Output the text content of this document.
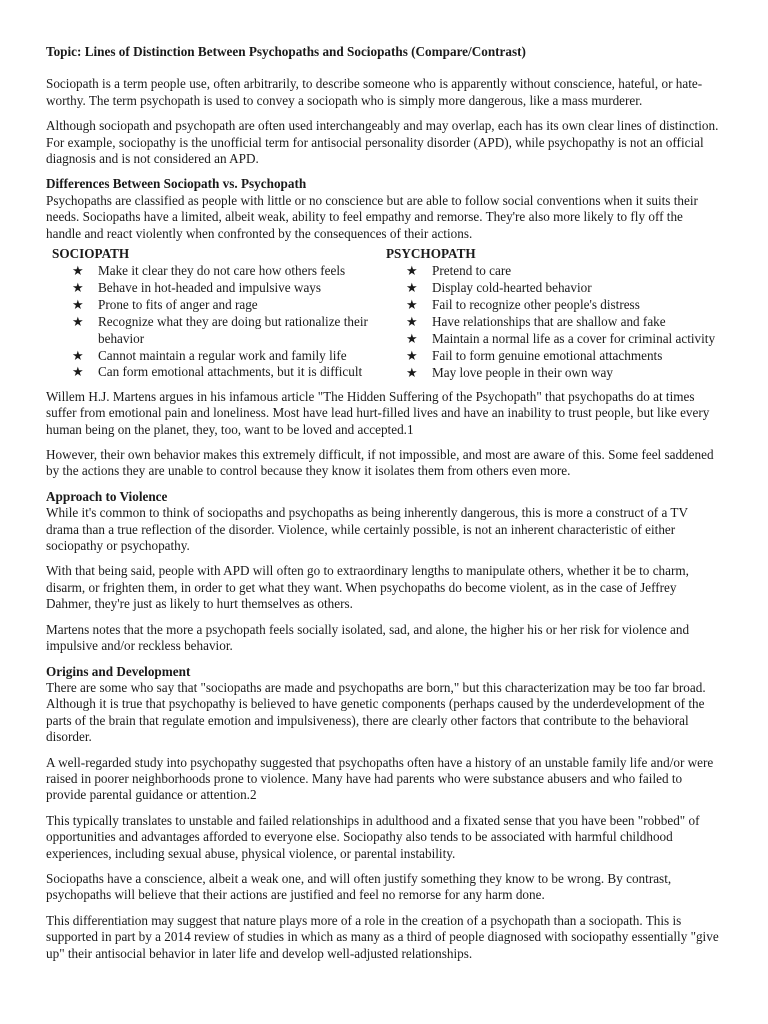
Topic: Lines of Distinction Between Psychopaths and Sociopaths (Compare/Contrast)

Sociopath is a term people use, often arbitrarily, to describe someone who is apparently without conscience, hateful, or hate-worthy. The term psychopath is used to convey a sociopath who is simply more dangerous, like a mass murderer.

Although sociopath and psychopath are often used interchangeably and may overlap, each has its own clear lines of distinction. For example, sociopathy is the unofficial term for antisocial personality disorder (APD), while psychopathy is not an official diagnosis and is not considered an APD.

Differences Between Sociopath vs. Psychopath

Psychopaths are classified as people with little or no conscience but are able to follow social conventions when it suits their needs. Sociopaths have a limited, albeit weak, ability to feel empathy and remorse. They're also more likely to fly off the handle and react violently when confronted by the consequences of their actions.

SOCIOPATH
★ Make it clear they do not care how others feels
★ Behave in hot-headed and impulsive ways
★ Prone to fits of anger and rage
★ Recognize what they are doing but rationalize their behavior
★ Cannot maintain a regular work and family life
★ Can form emotional attachments, but it is difficult
PSYCHOPATH
★ Pretend to care
★ Display cold-hearted behavior
★ Fail to recognize other people's distress
★ Have relationships that are shallow and fake
★ Maintain a normal life as a cover for criminal activity
★ Fail to form genuine emotional attachments
★ May love people in their own way

Willem H.J. Martens argues in his infamous article "The Hidden Suffering of the Psychopath" that psychopaths do at times suffer from emotional pain and loneliness. Most have lead hurt-filled lives and have an inability to trust people, but like every human being on the planet, they, too, want to be loved and accepted.1

However, their own behavior makes this extremely difficult, if not impossible, and most are aware of this. Some feel saddened by the actions they are unable to control because they know it isolates them from others even more.

Approach to Violence

While it's common to think of sociopaths and psychopaths as being inherently dangerous, this is more a construct of a TV drama than a true reflection of the disorder. Violence, while certainly possible, is not an inherent characteristic of either sociopathy or psychopathy.

With that being said, people with APD will often go to extraordinary lengths to manipulate others, whether it be to charm, disarm, or frighten them, in order to get what they want. When psychopaths do become violent, as in the case of Jeffrey Dahmer, they're just as likely to hurt themselves as others.

Martens notes that the more a psychopath feels socially isolated, sad, and alone, the higher his or her risk for violence and impulsive and/or reckless behavior.

Origins and Development

There are some who say that "sociopaths are made and psychopaths are born," but this characterization may be too far broad. Although it is true that psychopathy is believed to have genetic components (perhaps caused by the underdevelopment of the parts of the brain that regulate emotion and impulsiveness), there are clearly other factors that contribute to the behavioral disorder.

A well-regarded study into psychopathy suggested that psychopaths often have a history of an unstable family life and/or were raised in poorer neighborhoods prone to violence. Many have had parents who were substance abusers and who failed to provide parental guidance or attention.2

This typically translates to unstable and failed relationships in adulthood and a fixated sense that you have been "robbed" of opportunities and advantages afforded to everyone else. Sociopathy also tends to be associated with harmful childhood experiences, including sexual abuse, physical violence, or parental instability.

Sociopaths have a conscience, albeit a weak one, and will often justify something they know to be wrong. By contrast, psychopaths will believe that their actions are justified and feel no remorse for any harm done.

This differentiation may suggest that nature plays more of a role in the creation of a psychopath than a sociopath. This is supported in part by a 2014 review of studies in which as many as a third of people diagnosed with sociopathy essentially "give up" their antisocial behavior in later life and develop well-adjusted relationships.
